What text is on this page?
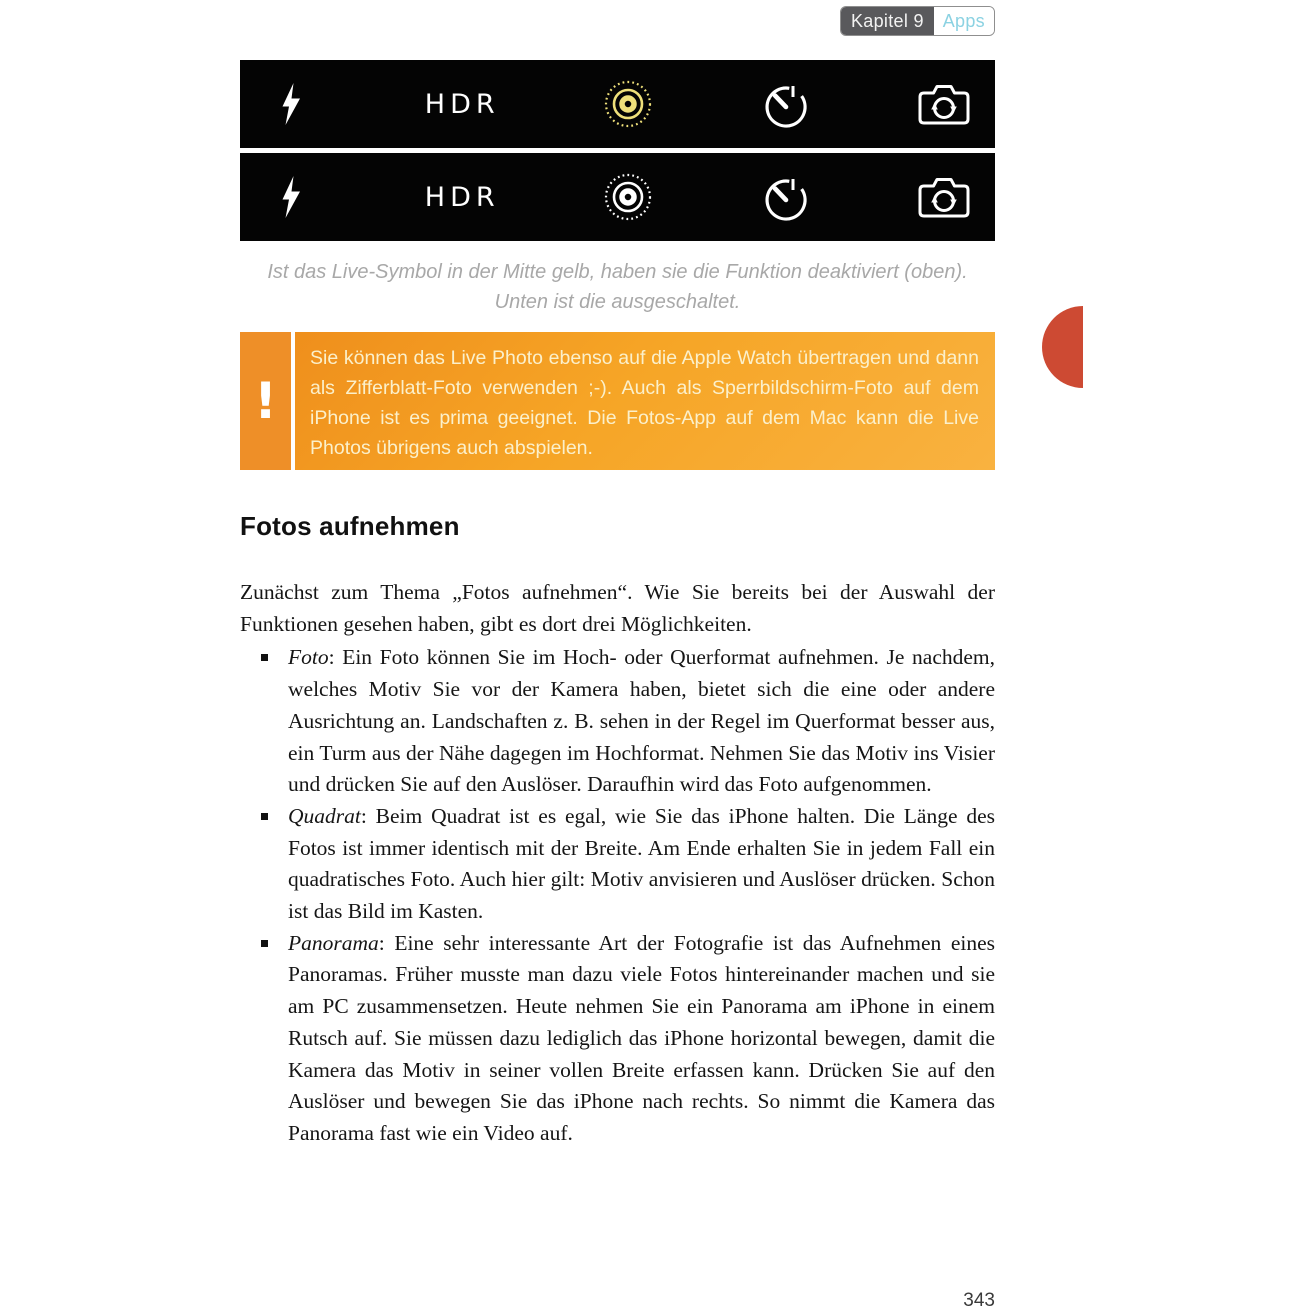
Kapitel 9	Apps
HDR
HDR
Ist das Live-Symbol in der Mitte gelb, haben sie die Funktion deaktiviert (oben). Unten ist die ausgeschaltet.
!
Sie können das Live Photo ebenso auf die Apple Watch übertragen und dann als Zifferblatt-Foto verwenden ;-). Auch als Sperrbildschirm-Foto auf dem iPhone ist es prima geeignet. Die Fotos-App auf dem Mac kann die Live Photos übrigens auch abspielen.
Fotos aufnehmen

Zunächst zum Thema „Fotos aufnehmen“. Wie Sie bereits bei der Auswahl der Funktionen gesehen haben, gibt es dort drei Möglichkeiten.

Foto: Ein Foto können Sie im Hoch- oder Querformat aufnehmen. Je nachdem, welches Motiv Sie vor der Kamera haben, bietet sich die eine oder andere Ausrichtung an. Landschaften z. B. sehen in der Regel im Querformat besser aus, ein Turm aus der Nähe dagegen im Hochformat. Nehmen Sie das Motiv ins Visier und drücken Sie auf den Auslöser. Daraufhin wird das Foto aufgenommen.
Quadrat: Beim Quadrat ist es egal, wie Sie das iPhone halten. Die Länge des Fotos ist immer identisch mit der Breite. Am Ende erhalten Sie in jedem Fall ein quadratisches Foto. Auch hier gilt: Motiv anvisieren und Auslöser drücken. Schon ist das Bild im Kasten.
Panorama: Eine sehr interessante Art der Fotografie ist das Aufnehmen eines Panoramas. Früher musste man dazu viele Fotos hintereinander machen und sie am PC zusammensetzen. Heute nehmen Sie ein Panorama am iPhone in einem Rutsch auf. Sie müssen dazu lediglich das iPhone horizontal bewegen, damit die Kamera das Motiv in seiner vollen Breite erfassen kann. Drücken Sie auf den Auslöser und bewegen Sie das iPhone nach rechts. So nimmt die Kamera das Panorama fast wie ein Video auf.
343
